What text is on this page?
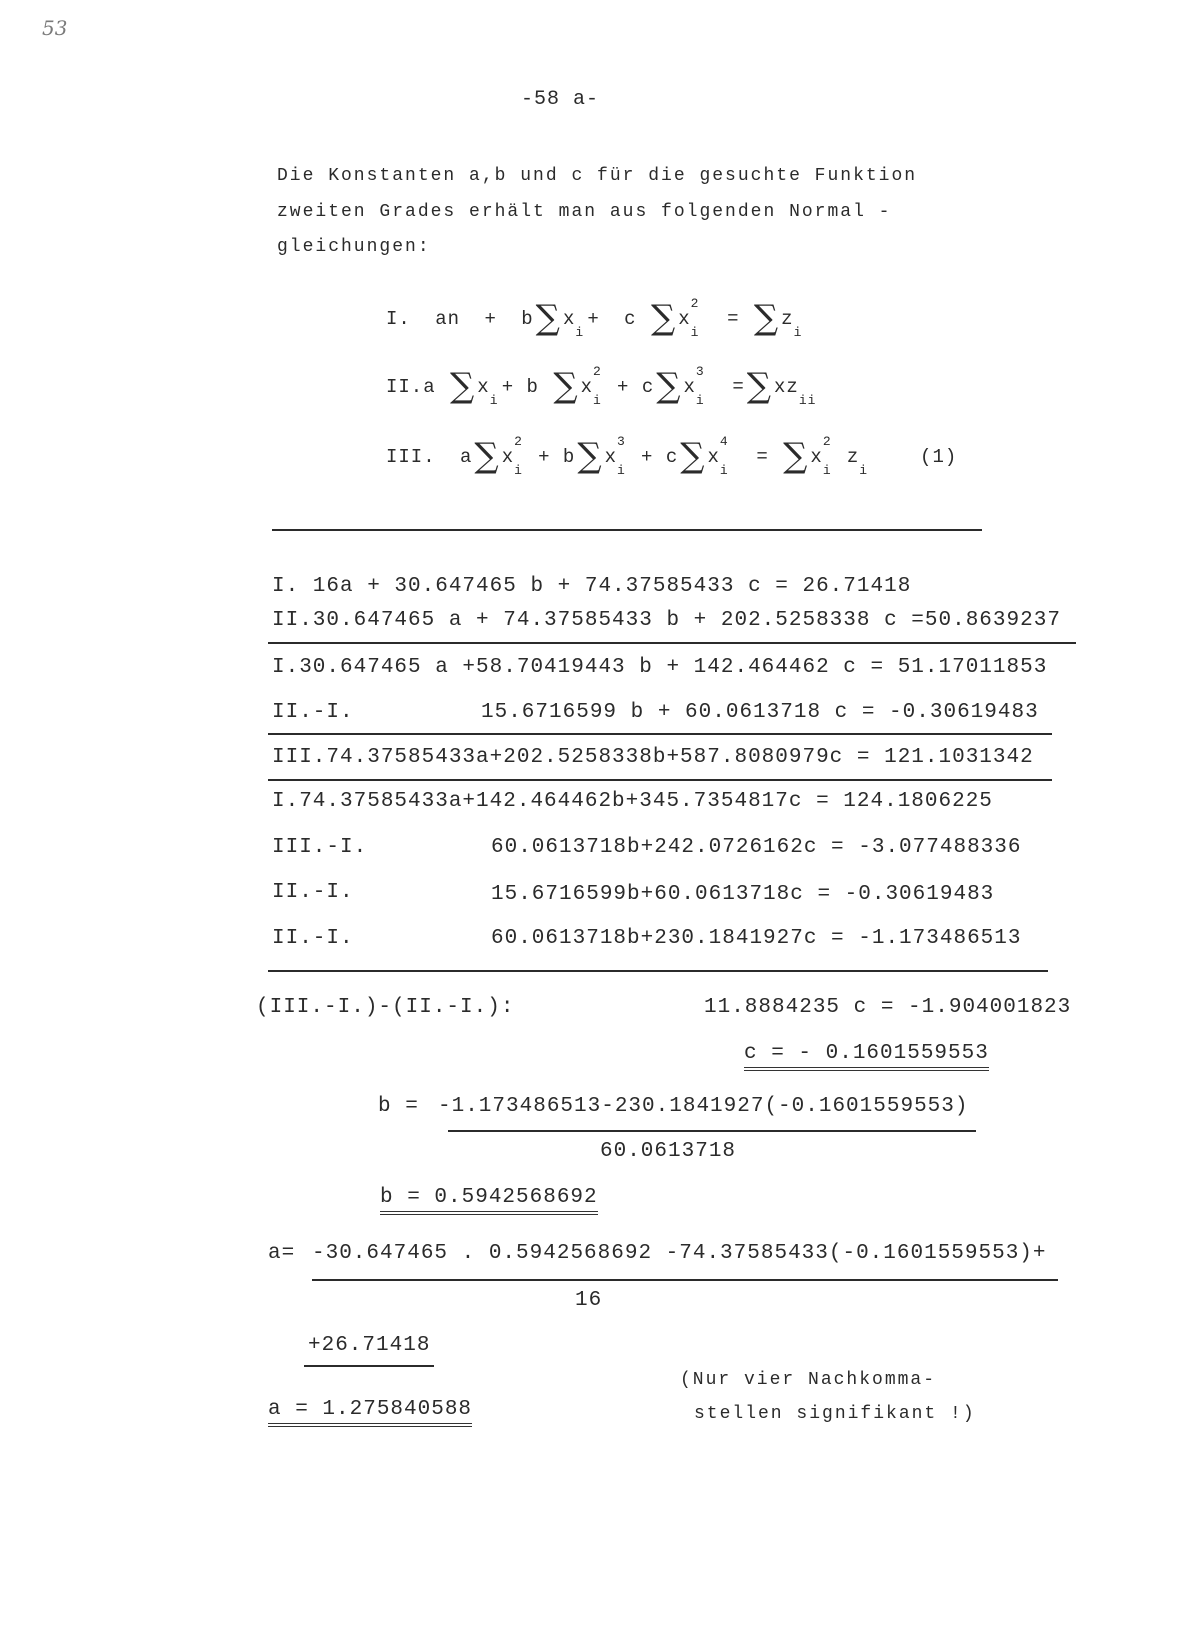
53
-58 a-
Die Konstanten a,b und c für die gesuchte Funktion
zweiten Grades erhält man aus folgenden Normal -
gleichungen:
I. an + b∑ x
i
+ c ∑ x
2
i
= ∑ z
i
II.a ∑ x
i
+ b ∑ x
2
i
+ c∑ x
3
i
=∑ xz
ii
III. a∑ x
2
i
+ b∑ x
3
i
+ c∑ x
4
i
= ∑ x
2
i
z
i
(1)
I. 16a + 30.647465 b + 74.37585433 c = 26.71418
II.30.647465 a + 74.37585433 b + 202.5258338 c =50.8639237
I.30.647465 a +58.70419443 b + 142.464462 c = 51.17011853
II.-I.	15.6716599 b + 60.0613718 c = -0.30619483
III.74.37585433a+202.5258338b+587.8080979c = 121.1031342
I.74.37585433a+142.464462b+345.7354817c = 124.1806225
III.-I.	60.0613718b+242.0726162c = -3.077488336
II.-I.	15.6716599b+60.0613718c = -0.30619483
II.-I.	60.0613718b+230.1841927c = -1.173486513
(III.-I.)-(II.-I.):	11.8884235 c = -1.904001823
c = - 0.1601559553
b = -1.173486513-230.1841927(-0.1601559553)
60.0613718
b = 0.5942568692
a= -30.647465 . 0.5942568692 -74.37585433(-0.1601559553)+
16
+26.71418
a = 1.275840588
(Nur vier Nachkomma-
stellen signifikant !)
